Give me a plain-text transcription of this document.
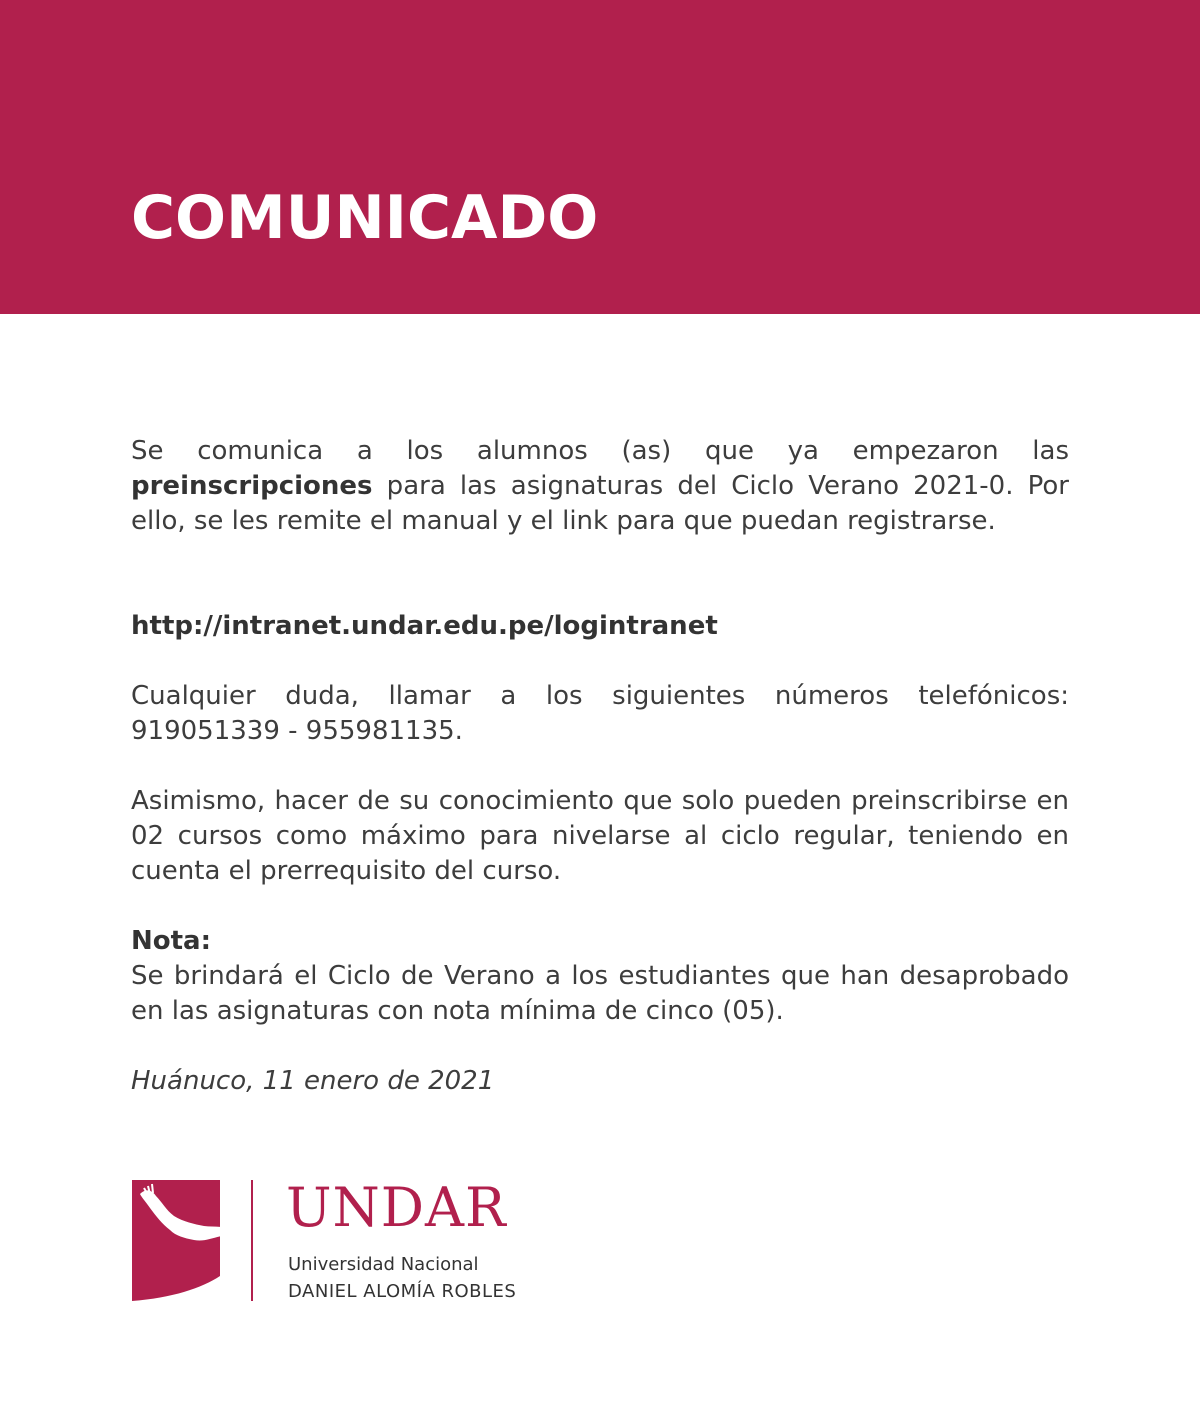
COMUNICADO

Se comunica a los alumnos (as) que ya empezaron las preinscripciones para las asignaturas del Ciclo Verano 2021-0. Por ello, se les remite el manual y el link para que puedan registrarse.

http://intranet.undar.edu.pe/logintranet

Cualquier duda, llamar a los siguientes números telefónicos: 919051339 - 955981135.

Asimismo, hacer de su conocimiento que solo pueden preinscribirse en 02 cursos como máximo para nivelarse al ciclo regular, teniendo en cuenta el prerrequisito del curso.

Nota:

Se brindará el Ciclo de Verano a los estudiantes que han desaprobado en las asignaturas con nota mínima de cinco (05).

Huánuco, 11 enero de 2021

UNDAR
Universidad Nacional
DANIEL ALOMÍA ROBLES
